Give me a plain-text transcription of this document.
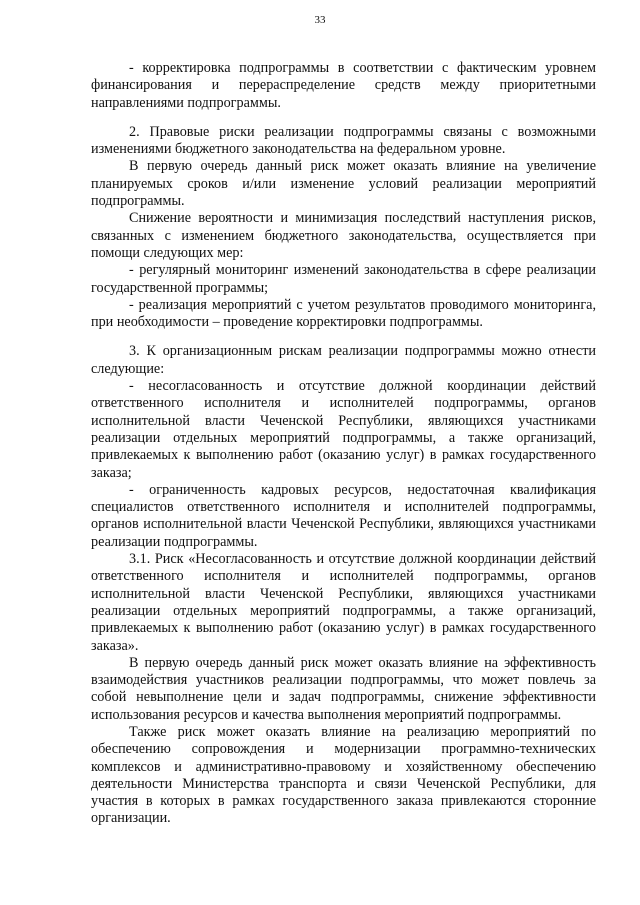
33

- корректировка подпрограммы в соответствии с фактическим уровнем финансирования и перераспределение средств между приоритетными направлениями подпрограммы.

2. Правовые риски реализации подпрограммы связаны с возможными изменениями бюджетного законодательства на федеральном уровне.

В первую очередь данный риск может оказать влияние на увеличение планируемых сроков и/или изменение условий реализации мероприятий подпрограммы.

Снижение вероятности и минимизация последствий наступления рисков, связанных с изменением бюджетного законодательства, осуществляется при помощи следующих мер:

- регулярный мониторинг изменений законодательства в сфере реализации государственной программы;

- реализация мероприятий с учетом результатов проводимого мониторинга, при необходимости – проведение корректировки подпрограммы.

3. К организационным рискам реализации подпрограммы можно отнести следующие:

- несогласованность и отсутствие должной координации действий ответственного исполнителя и исполнителей подпрограммы, органов исполнительной власти Чеченской Республики, являющихся участниками реализации отдельных мероприятий подпрограммы, а также организаций, привлекаемых к выполнению работ (оказанию услуг) в рамках государственного заказа;

- ограниченность кадровых ресурсов, недостаточная квалификация специалистов ответственного исполнителя и исполнителей подпрограммы, органов исполнительной власти Чеченской Республики, являющихся участниками реализации подпрограммы.

3.1. Риск «Несогласованность и отсутствие должной координации действий ответственного исполнителя и исполнителей подпрограммы, органов исполнительной власти Чеченской Республики, являющихся участниками реализации отдельных мероприятий подпрограммы, а также организаций, привлекаемых к выполнению работ (оказанию услуг) в рамках государственного заказа».

В первую очередь данный риск может оказать влияние на эффективность взаимодействия участников реализации подпрограммы, что может повлечь за собой невыполнение цели и задач подпрограммы, снижение эффективности использования ресурсов и качества выполнения мероприятий подпрограммы.

Также риск может оказать влияние на реализацию мероприятий по обеспечению сопровождения и модернизации программно-технических комплексов и административно-правовому и хозяйственному обеспечению деятельности Министерства транспорта и связи Чеченской Республики, для участия в которых в рамках государственного заказа привлекаются сторонние организации.
